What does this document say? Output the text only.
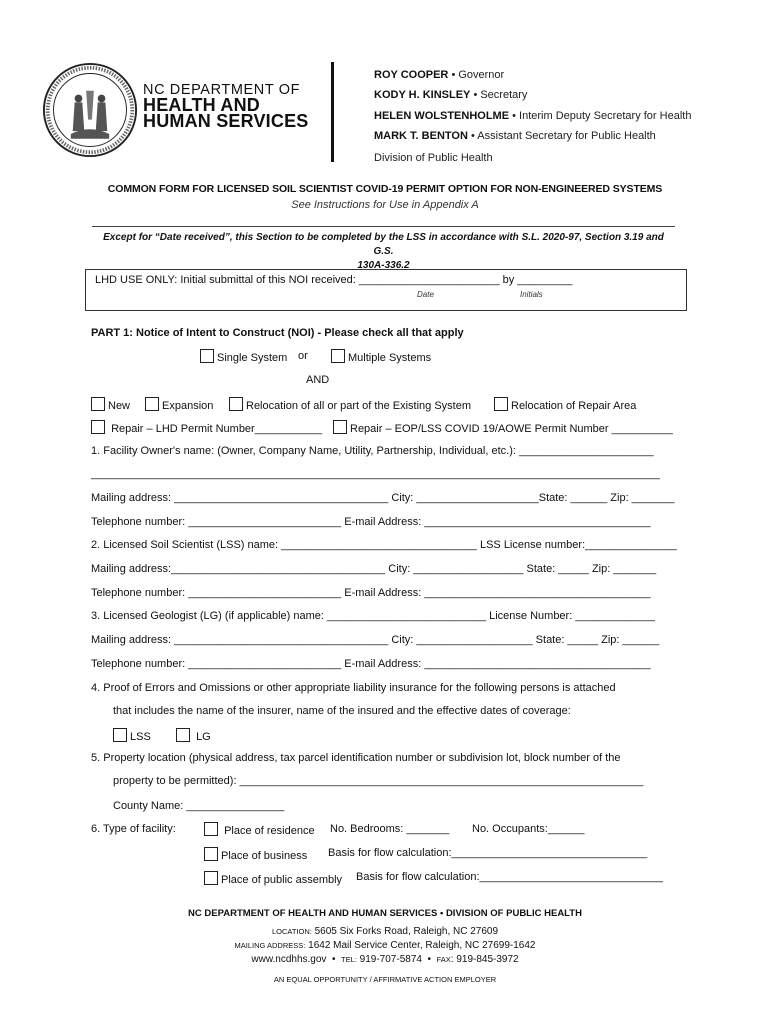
NC DEPARTMENT OF
HEALTH AND
HUMAN SERVICES
ROY COOPER • Governor
KODY H. KINSLEY • Secretary
HELEN WOLSTENHOLME • Interim Deputy Secretary for Health
MARK T. BENTON • Assistant Secretary for Public Health
Division of Public Health
COMMON FORM FOR LICENSED SOIL SCIENTIST COVID-19 PERMIT OPTION FOR NON-ENGINEERED SYSTEMS
See Instructions for Use in Appendix A
Except for “Date received”, this Section to be completed by the LSS in accordance with S.L. 2020-97, Section 3.19 and G.S.
130A-336.2
LHD USE ONLY: Initial submittal of this NOI received: _______________________ by _________
Date	Initials
PART 1: Notice of Intent to Construct (NOI) - Please check all that apply
Single System or	Multiple Systems
AND
New	Expansion	Relocation of all or part of the Existing System	Relocation of Repair Area
Repair – LHD Permit Number___________	Repair – EOP/LSS COVID 19/AOWE Permit Number __________
1. Facility Owner's name: (Owner, Company Name, Utility, Partnership, Individual, etc.): ______________________
_____________________________________________________________________________________________
Mailing address: ___________________________________ City: ____________________State: ______ Zip: _______
Telephone number: _________________________ E-mail Address: _____________________________________
2. Licensed Soil Scientist (LSS) name: ________________________________ LSS License number:_______________
Mailing address:___________________________________ City: __________________ State: _____ Zip: _______
Telephone number: _________________________ E-mail Address: _____________________________________
3. Licensed Geologist (LG) (if applicable) name: __________________________ License Number: _____________
Mailing address: ___________________________________ City: ___________________ State: _____ Zip: ______
Telephone number: _________________________ E-mail Address: _____________________________________
4. Proof of Errors and Omissions or other appropriate liability insurance for the following persons is attached
that includes the name of the insurer, name of the insured and the effective dates of coverage:
LSS	LG
5. Property location (physical address, tax parcel identification number or subdivision lot, block number of the
property to be permitted): __________________________________________________________________
County Name: ________________
6. Type of facility:	Place of residence No. Bedrooms: _______ No. Occupants:______
Place of business Basis for flow calculation:________________________________
Place of public assembly Basis for flow calculation:______________________________
NC DEPARTMENT OF HEALTH AND HUMAN SERVICES • DIVISION OF PUBLIC HEALTH
LOCATION: 5605 Six Forks Road, Raleigh, NC 27609
MAILING ADDRESS: 1642 Mail Service Center, Raleigh, NC 27699-1642
www.ncdhhs.gov  •  TEL: 919-707-5874  •  FAX: 919-845-3972
AN EQUAL OPPORTUNITY / AFFIRMATIVE ACTION EMPLOYER
